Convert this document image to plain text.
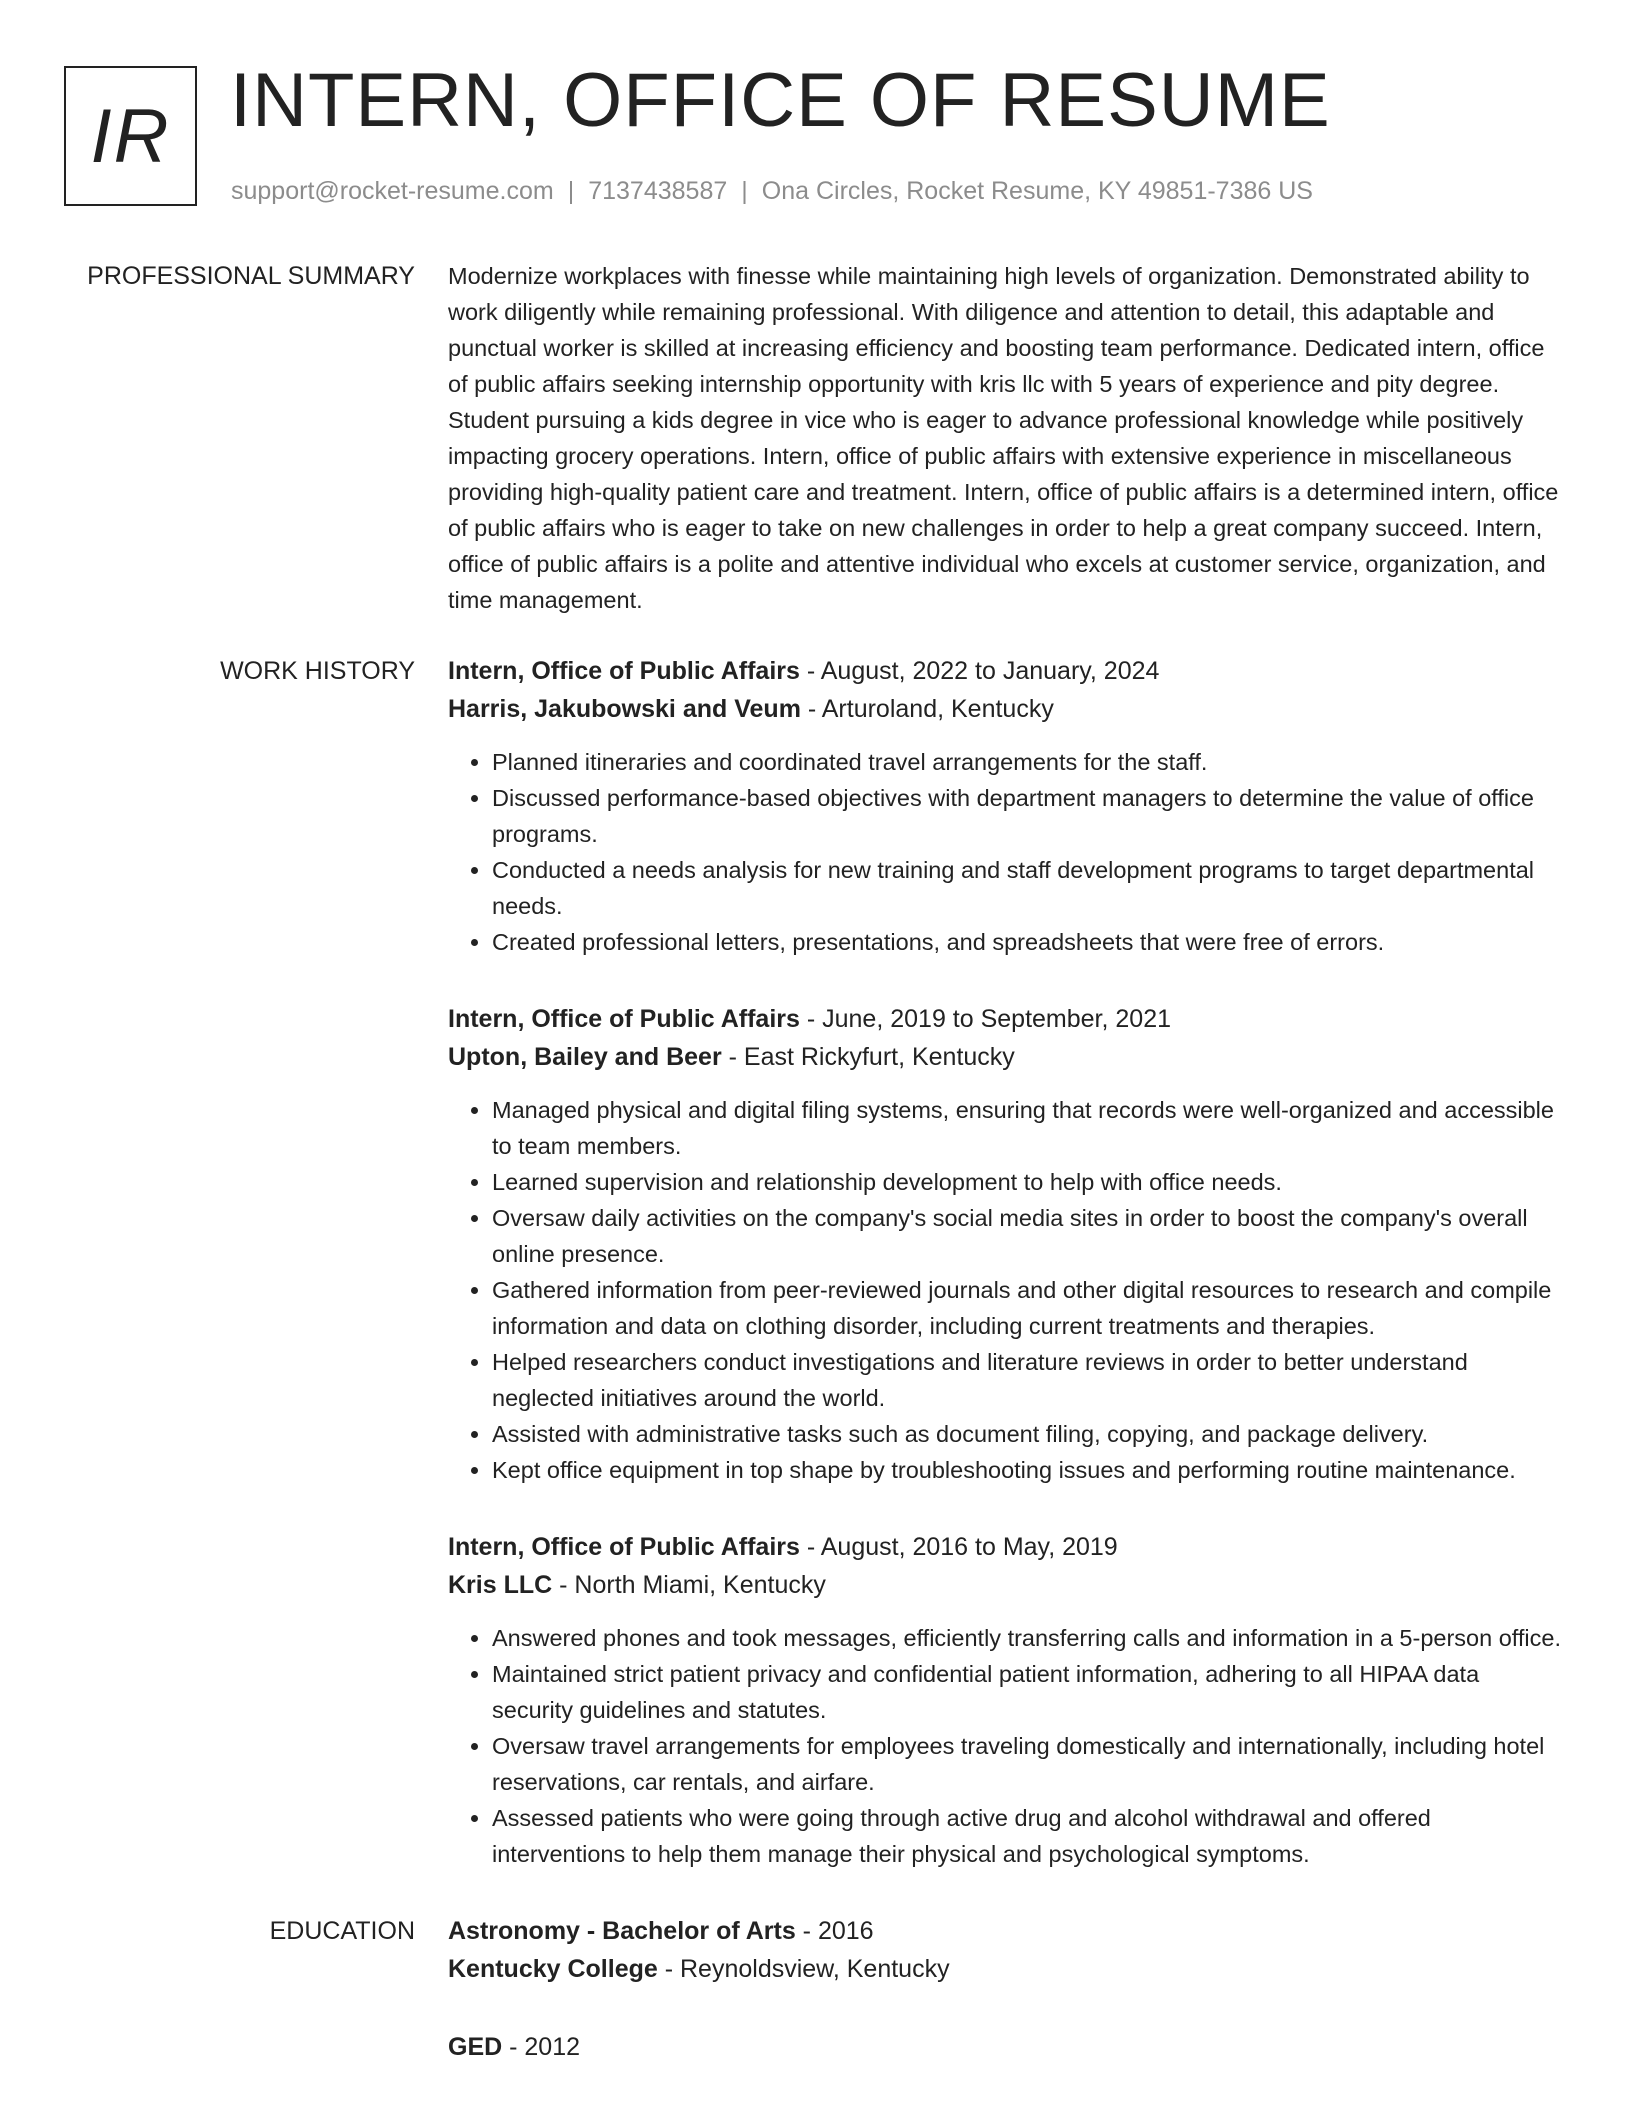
IR INTERN, OFFICE OF RESUME
support@rocket-resume.com | 7137438587 | Ona Circles, Rocket Resume, KY 49851-7386 US
PROFESSIONAL SUMMARY Modernize workplaces with finesse while maintaining high levels of organization. Demonstrated ability to work diligently while remaining professional. With diligence and attention to detail, this adaptable and punctual worker is skilled at increasing efficiency and boosting team performance. Dedicated intern, office of public affairs seeking internship opportunity with kris llc with 5 years of experience and pity degree. Student pursuing a kids degree in vice who is eager to advance professional knowledge while positively impacting grocery operations. Intern, office of public affairs with extensive experience in miscellaneous providing high-quality patient care and treatment. Intern, office of public affairs is a determined intern, office of public affairs who is eager to take on new challenges in order to help a great company succeed. Intern, office of public affairs is a polite and attentive individual who excels at customer service, organization, and time management.
WORK HISTORY Intern, Office of Public Affairs - August, 2022 to January, 2024
Harris, Jakubowski and Veum - Arturoland, Kentucky
• Planned itineraries and coordinated travel arrangements for the staff.
• Discussed performance-based objectives with department managers to determine the value of office programs.
• Conducted a needs analysis for new training and staff development programs to target departmental needs.
• Created professional letters, presentations, and spreadsheets that were free of errors.
Intern, Office of Public Affairs - June, 2019 to September, 2021
Upton, Bailey and Beer - East Rickyfurt, Kentucky
• Managed physical and digital filing systems, ensuring that records were well-organized and accessible to team members.
• Learned supervision and relationship development to help with office needs.
• Oversaw daily activities on the company's social media sites in order to boost the company's overall online presence.
• Gathered information from peer-reviewed journals and other digital resources to research and compile information and data on clothing disorder, including current treatments and therapies.
• Helped researchers conduct investigations and literature reviews in order to better understand neglected initiatives around the world.
• Assisted with administrative tasks such as document filing, copying, and package delivery.
• Kept office equipment in top shape by troubleshooting issues and performing routine maintenance.
Intern, Office of Public Affairs - August, 2016 to May, 2019
Kris LLC - North Miami, Kentucky
• Answered phones and took messages, efficiently transferring calls and information in a 5-person office.
• Maintained strict patient privacy and confidential patient information, adhering to all HIPAA data security guidelines and statutes.
• Oversaw travel arrangements for employees traveling domestically and internationally, including hotel reservations, car rentals, and airfare.
• Assessed patients who were going through active drug and alcohol withdrawal and offered interventions to help them manage their physical and psychological symptoms.
EDUCATION Astronomy - Bachelor of Arts - 2016
Kentucky College - Reynoldsview, Kentucky
GED - 2012
